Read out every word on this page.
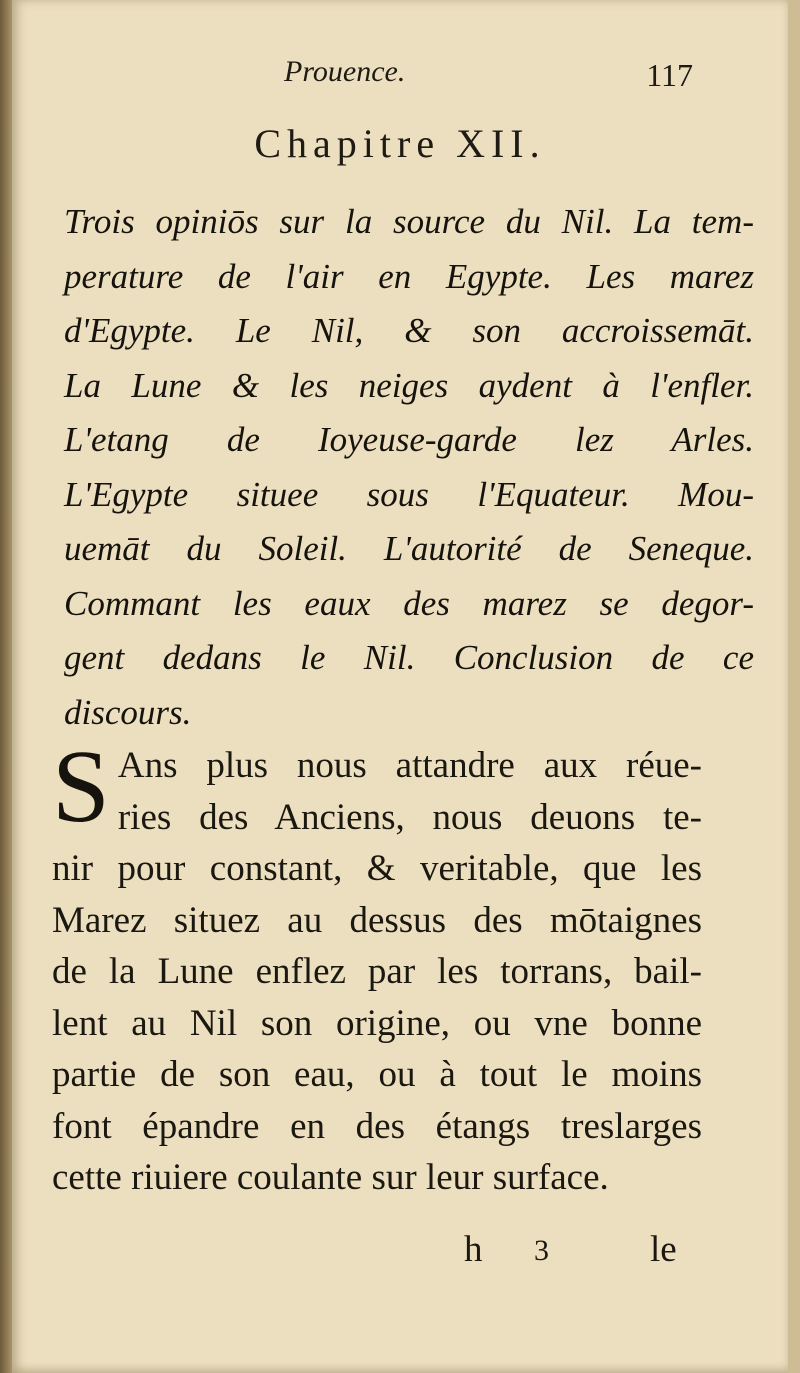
Prouence.	117
Chapitre XII.
Trois opiniōs sur la source du Nil. La tem-
perature de l'air en Egypte. Les marez
d'Egypte. Le Nil, & son accroissemāt.
La Lune & les neiges aydent à l'enfler.
L'etang de Ioyeuse-garde lez Arles.
L'Egypte situee sous l'Equateur. Mou-
uemāt du Soleil. L'autorité de Seneque.
Commant les eaux des marez se degor-
gent dedans le Nil. Conclusion de ce
discours.
S Ans plus nous attandre aux réue-
ries des Anciens, nous deuons te-
nir pour constant, & veritable, que les
Marez situez au dessus des mōtaignes
de la Lune enflez par les torrans, bail-
lent au Nil son origine, ou vne bonne
partie de son eau, ou à tout le moins
font épandre en des étangs treslarges
cette riuiere coulante sur leur surface.
h 3	le
